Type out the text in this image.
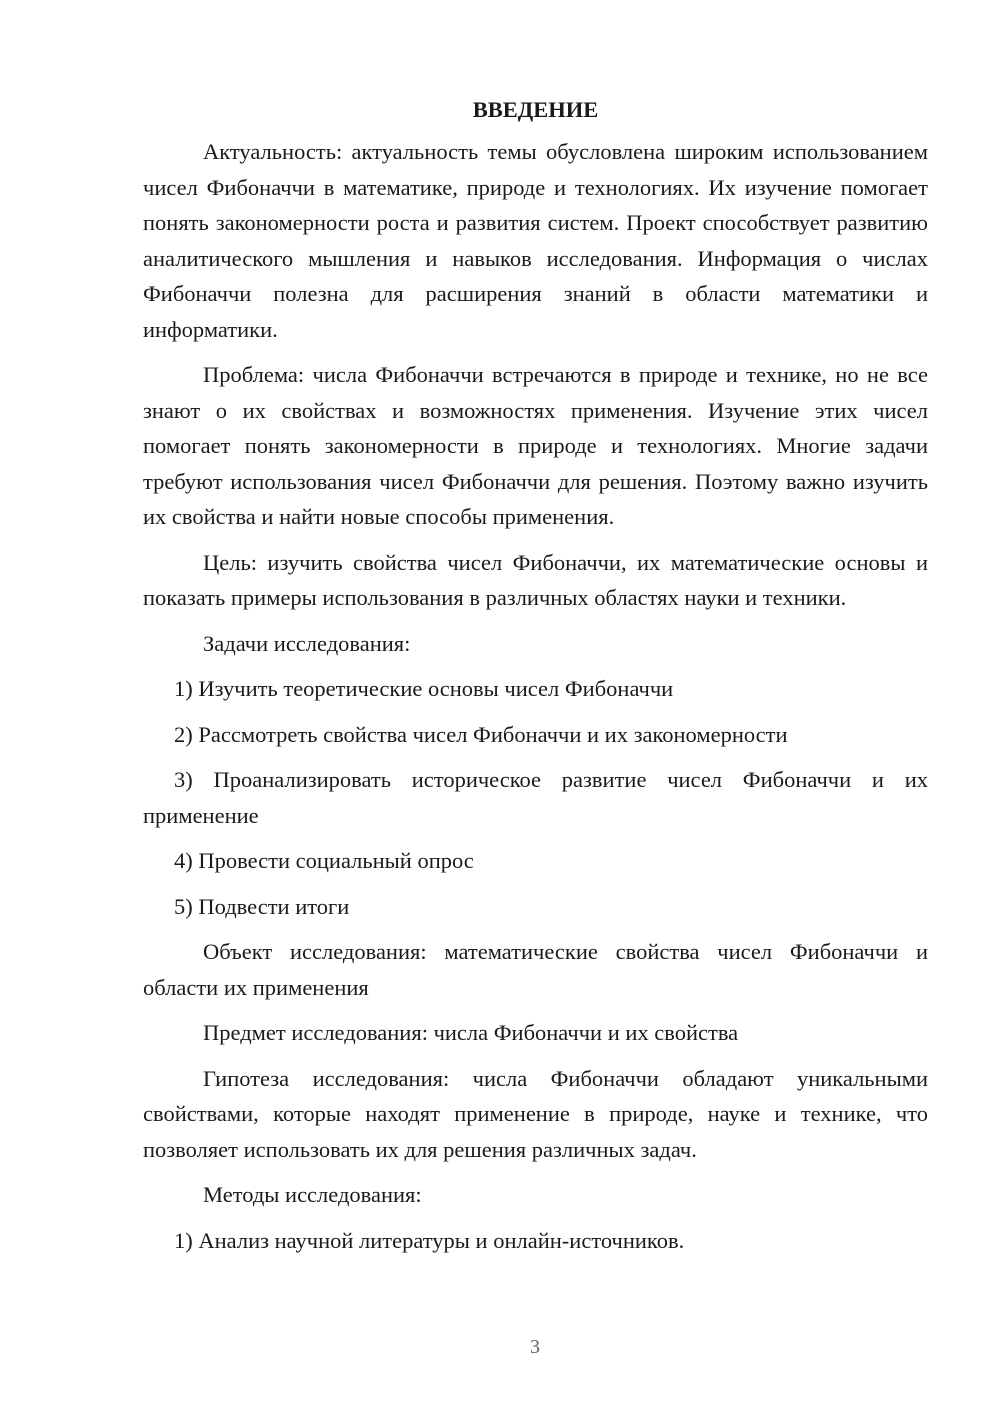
ВВЕДЕНИЕ

Актуальность: актуальность темы обусловлена широким использованием чисел Фибоначчи в математике, природе и технологиях. Их изучение помогает понять закономерности роста и развития систем. Проект способствует развитию аналитического мышления и навыков исследования. Информация о числах Фибоначчи полезна для расширения знаний в области математики и информатики.

Проблема: числа Фибоначчи встречаются в природе и технике, но не все знают о их свойствах и возможностях применения. Изучение этих чисел помогает понять закономерности в природе и технологиях. Многие задачи требуют использования чисел Фибоначчи для решения. Поэтому важно изучить их свойства и найти новые способы применения.

Цель: изучить свойства чисел Фибоначчи, их математические основы и показать примеры использования в различных областях науки и техники.

Задачи исследования:

1) Изучить теоретические основы чисел Фибоначчи

2) Рассмотреть свойства чисел Фибоначчи и их закономерности

3) Проанализировать историческое развитие чисел Фибоначчи и их применение

4) Провести социальный опрос

5) Подвести итоги

Объект исследования: математические свойства чисел Фибоначчи и области их применения

Предмет исследования: числа Фибоначчи и их свойства

Гипотеза исследования: числа Фибоначчи обладают уникальными свойствами, которые находят применение в природе, науке и технике, что позволяет использовать их для решения различных задач.

Методы исследования:

1) Анализ научной литературы и онлайн-источников.

3
